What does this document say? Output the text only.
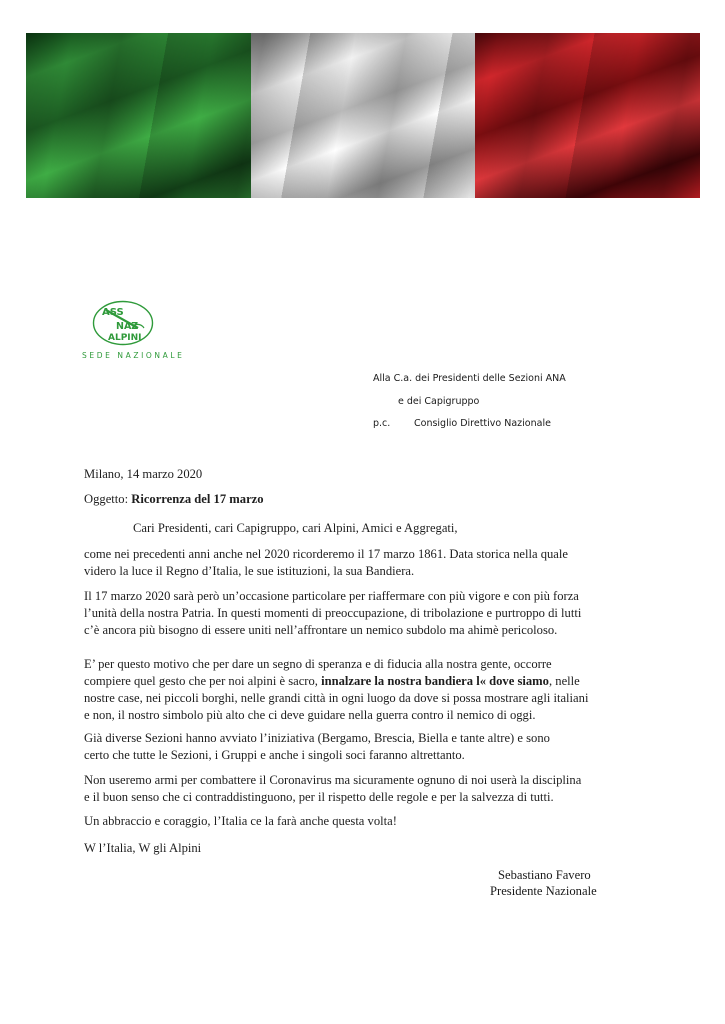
ASS
NAZ
ALPINI
SEDE NAZIONALE
Alla C.a. dei Presidenti delle Sezioni ANA
e dei Capigruppo
p.c. Consiglio Direttivo Nazionale
Milano, 14 marzo 2020
Oggetto: Ricorrenza del 17 marzo
Cari Presidenti, cari Capigruppo, cari Alpini, Amici e Aggregati,
come nei precedenti anni anche nel 2020 ricorderemo il 17 marzo 1861. Data storica nella quale
videro la luce il Regno d’Italia, le sue istituzioni, la sua Bandiera.
Il 17 marzo 2020 sarà però un’occasione particolare per riaffermare con più vigore e con più forza
l’unità della nostra Patria. In questi momenti di preoccupazione, di tribolazione e purtroppo di lutti
c’è ancora più bisogno di essere uniti nell’affrontare un nemico subdolo ma ahimè pericoloso.
E’ per questo motivo che per dare un segno di speranza e di fiducia alla nostra gente, occorre
compiere quel gesto che per noi alpini è sacro, innalzare la nostra bandiera l« dove siamo, nelle
nostre case, nei piccoli borghi, nelle grandi città in ogni luogo da dove si possa mostrare agli italiani
e non, il nostro simbolo più alto che ci deve guidare nella guerra contro il nemico di oggi.
Già diverse Sezioni hanno avviato l’iniziativa (Bergamo, Brescia, Biella e tante altre) e sono
certo che tutte le Sezioni, i Gruppi e anche i singoli soci faranno altrettanto.
Non useremo armi per combattere il Coronavirus ma sicuramente ognuno di noi userà la disciplina
e il buon senso che ci contraddistinguono, per il rispetto delle regole e per la salvezza di tutti.
Un abbraccio e coraggio, l’Italia ce la farà anche questa volta!
W l’Italia, W gli Alpini
Sebastiano Favero
Presidente Nazionale
